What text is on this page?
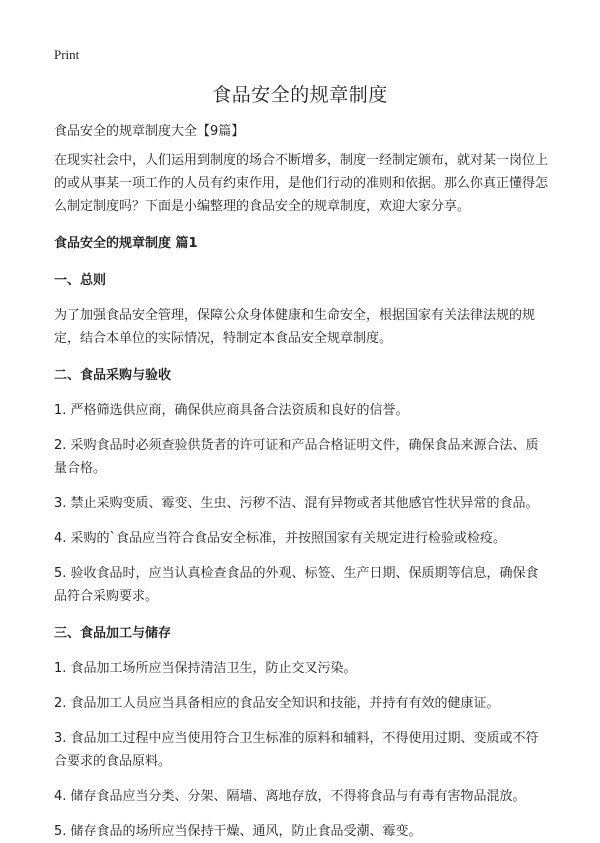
Print
食品安全的规章制度

食品安全的规章制度大全【9篇】

在现实社会中，人们运用到制度的场合不断增多，制度一经制定颁布，就对某一岗位上的或从事某一项工作的人员有约束作用，是他们行动的准则和依据。那么你真正懂得怎么制定制度吗？下面是小编整理的食品安全的规章制度，欢迎大家分享。

食品安全的规章制度 篇1

一、总则

为了加强食品安全管理，保障公众身体健康和生命安全，根据国家有关法律法规的规定，结合本单位的实际情况，特制定本食品安全规章制度。

二、食品采购与验收

1. 严格筛选供应商，确保供应商具备合法资质和良好的信誉。

2. 采购食品时必须查验供货者的许可证和产品合格证明文件，确保食品来源合法、质量合格。

3. 禁止采购变质、霉变、生虫、污秽不洁、混有异物或者其他感官性状异常的食品。

4. 采购的`食品应当符合食品安全标准，并按照国家有关规定进行检验或检疫。

5. 验收食品时，应当认真检查食品的外观、标签、生产日期、保质期等信息，确保食品符合采购要求。

三、食品加工与储存

1. 食品加工场所应当保持清洁卫生，防止交叉污染。

2. 食品加工人员应当具备相应的食品安全知识和技能，并持有有效的健康证。

3. 食品加工过程中应当使用符合卫生标准的原料和辅料，不得使用过期、变质或不符合要求的食品原料。

4. 储存食品应当分类、分架、隔墙、离地存放，不得将食品与有毒有害物品混放。

5. 储存食品的场所应当保持干燥、通风，防止食品受潮、霉变。
